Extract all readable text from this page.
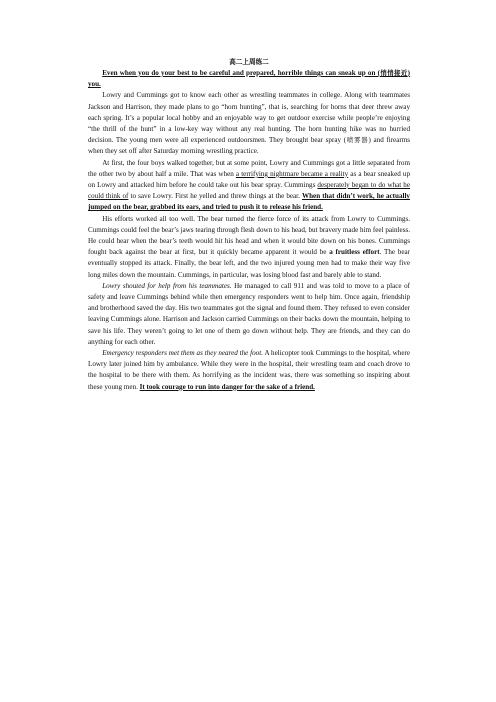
高二上周练二

Even when you do your best to be careful and prepared, horrible things can sneak up on (悄悄接近) you.

Lowry and Cummings got to know each other as wrestling teammates in college. Along with teammates Jackson and Harrison, they made plans to go “horn hunting”, that is, searching for horns that deer threw away each spring. It’s a popular local hobby and an enjoyable way to get outdoor exercise while people’re enjoying “the thrill of the hunt” in a low-key way without any real hunting. The horn hunting hike was no hurried decision. The young men were all experienced outdoorsmen. They brought bear spray (喷雾器) and firearms when they set off after Saturday morning wrestling practice.

At first, the four boys walked together, but at some point, Lowry and Cummings got a little separated from the other two by about half a mile. That was when a terrifying nightmare became a reality as a bear sneaked up on Lowry and attacked him before he could take out his bear spray. Cummings desperately began to do what he could think of to save Lowry. First he yelled and threw things at the bear. When that didn’t work, he actually jumped on the bear, grabbed its ears, and tried to push it to release his friend.

His efforts worked all too well. The bear turned the fierce force of its attack from Lowry to Cummings. Cummings could feel the bear’s jaws tearing through flesh down to his head, but bravery made him feel painless. He could hear when the bear’s teeth would hit his head and when it would bite down on his bones. Cummings fought back against the bear at first, but it quickly became apparent it would be a fruitless effort. The bear eventually stopped its attack. Finally, the bear left, and the two injured young men had to make their way five long miles down the mountain. Cummings, in particular, was losing blood fast and barely able to stand.

Lowry shouted for help from his teammates. He managed to call 911 and was told to move to a place of safety and leave Cummings behind while then emergency responders went to help him. Once again, friendship and brotherhood saved the day. His two teammates got the signal and found them. They refused to even consider leaving Cummings alone. Harrison and Jackson carried Cummings on their backs down the mountain, helping to save his life. They weren’t going to let one of them go down without help. They are friends, and they can do anything for each other.

Emergency responders met them as they neared the foot. A helicopter took Cummings to the hospital, where Lowry later joined him by ambulance. While they were in the hospital, their wrestling team and coach drove to the hospital to be there with them. As horrifying as the incident was, there was something so inspiring about these young men. It took courage to run into danger for the sake of a friend.
